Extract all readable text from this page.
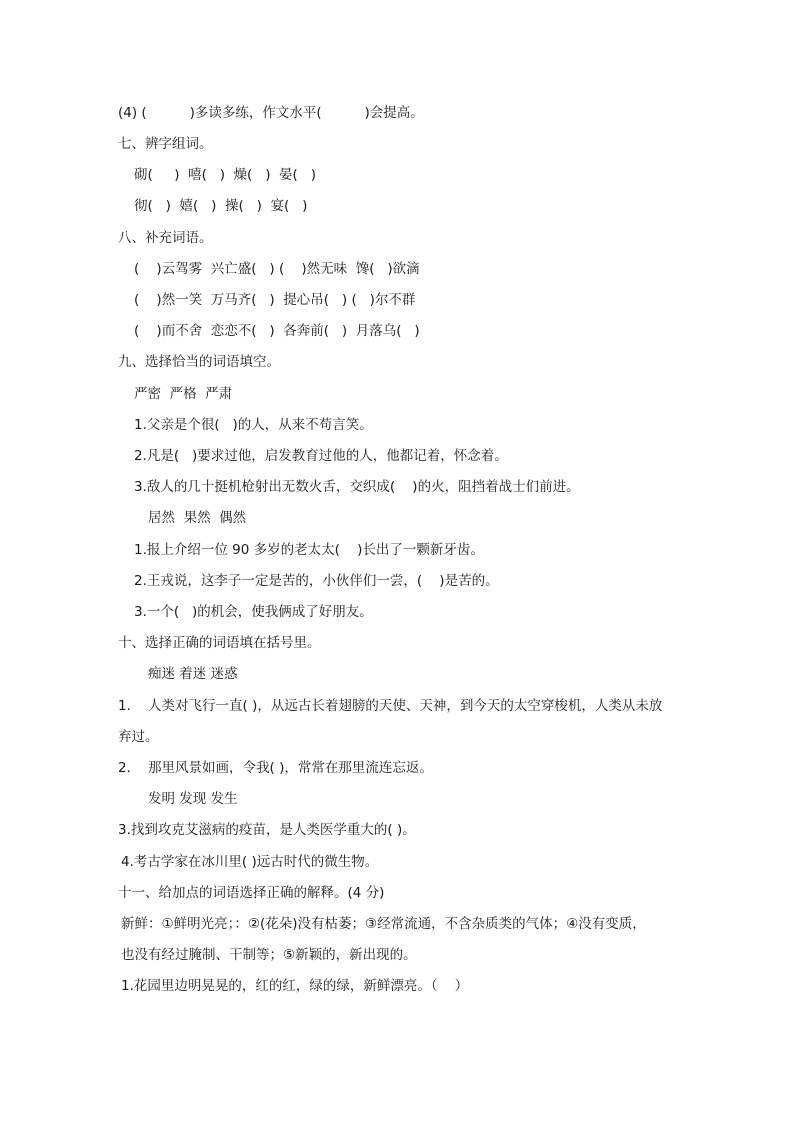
(4) (          )多读多练，作文水平(          )会提高。

七、辨字组词。

砌(     )  嘻(   )  燥(   )  晏(   )

彻(   )  嬉(   )  操(   )  宴(   )

八、补充词语。

(    )云驾雾  兴亡盛(   ) (    )然无味  馋(   )欲滴

(    )然一笑  万马齐(   )  提心吊(   ) (   )尔不群

(    )而不舍  恋恋不(   )  各奔前(   )  月落乌(   )

九、选择恰当的词语填空。

严密  严格  严肃

1.父亲是个很(   )的人，从来不苟言笑。

2.凡是(   )要求过他，启发教育过他的人，他都记着，怀念着。

3.敌人的几十挺机枪射出无数火舌，交织成(    )的火，阻挡着战士们前进。

居然  果然  偶然

1.报上介绍一位 90 多岁的老太太(    )长出了一颗新牙齿。

2.王戎说，这李子一定是苦的，小伙伴们一尝，(    )是苦的。

3.一个(   )的机会，使我俩成了好朋友。

十、选择正确的词语填在括号里。

痴迷 着迷 迷惑

1.    人类对飞行一直( )，从远古长着翅膀的天使、天神，到今天的太空穿梭机，人类从未放

弃过。

2.    那里风景如画，令我( )，常常在那里流连忘返。

发明 发现 发生

3.找到攻克艾滋病的疫苗，是人类医学重大的( )。

4.考古学家在冰川里( )远古时代的微生物。

十一、给加点的词语选择正确的解释。(4 分)

新鲜：①鲜明光亮；：②(花朵)没有枯萎；③经常流通，不含杂质类的气体；④没有变质，

也没有经过腌制、干制等；⑤新颖的，新出现的。

1.花园里边明晃晃的，红的红，绿的绿，新鲜漂亮。（    ）
